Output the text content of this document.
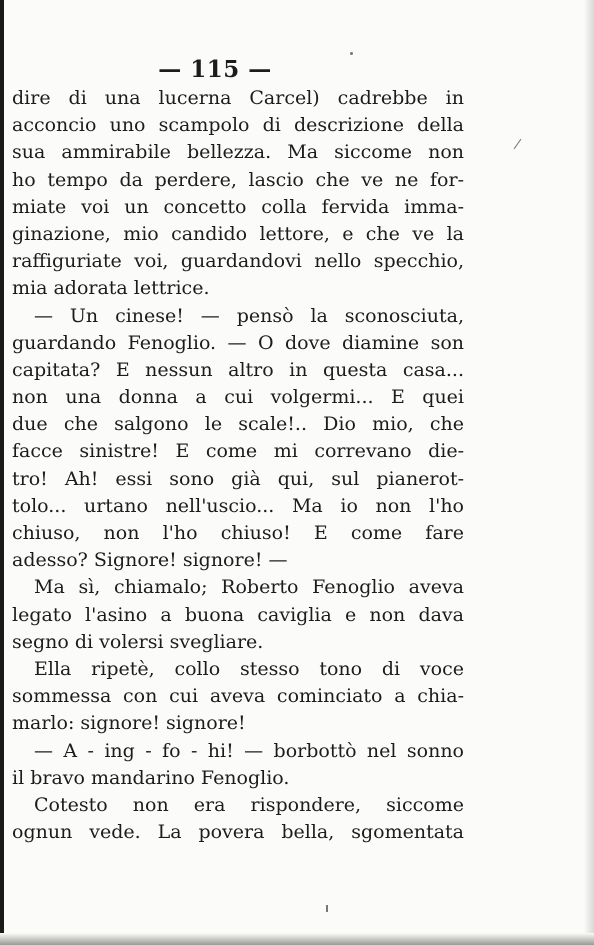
— 115 —
dire di una lucerna Carcel) cadrebbe in
acconcio uno scampolo di descrizione della
sua ammirabile bellezza. Ma siccome non
ho tempo da perdere, lascio che ve ne for-
miate voi un concetto colla fervida imma-
ginazione, mio candido lettore, e che ve la
raffiguriate voi, guardandovi nello specchio,
mia adorata lettrice.
— Un cinese! — pensò la sconosciuta,
guardando Fenoglio. — O dove diamine son
capitata? E nessun altro in questa casa...
non una donna a cui volgermi... E quei
due che salgono le scale!.. Dio mio, che
facce sinistre! E come mi correvano die-
tro! Ah! essi sono già qui, sul pianerot-
tolo... urtano nell'uscio... Ma io non l'ho
chiuso, non l'ho chiuso! E come fare
adesso? Signore! signore! —
Ma sì, chiamalo; Roberto Fenoglio aveva
legato l'asino a buona caviglia e non dava
segno di volersi svegliare.
Ella ripetè, collo stesso tono di voce
sommessa con cui aveva cominciato a chia-
marlo: signore! signore!
— A - ing - fo - hi! — borbottò nel sonno
il bravo mandarino Fenoglio.
Cotesto non era rispondere, siccome
ognun vede. La povera bella, sgomentata
